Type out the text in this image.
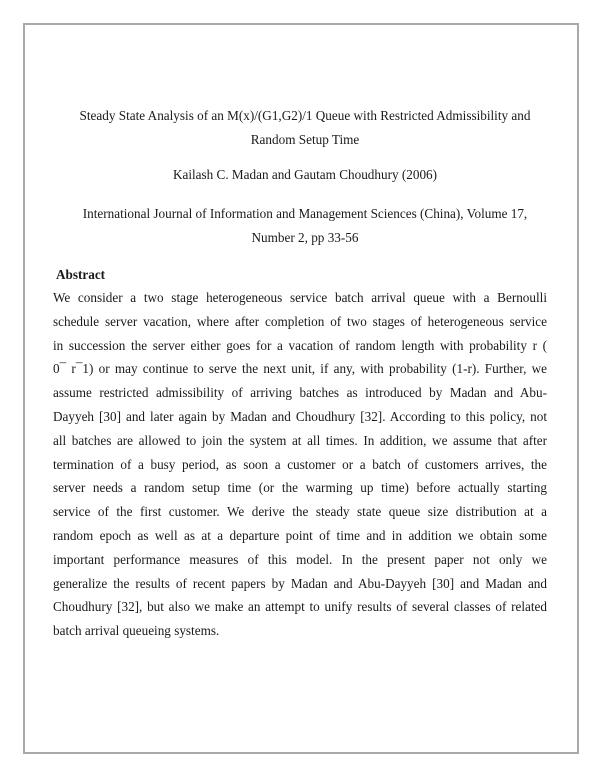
Steady State Analysis of an M(x)/(G1,G2)/1 Queue with Restricted Admissibility and
Random Setup Time
Kailash C. Madan and Gautam Choudhury (2006)
International Journal of Information and Management Sciences (China), Volume 17,
Number 2, pp 33-56
Abstract
We consider a two stage heterogeneous service batch arrival queue with a Bernoulli
schedule server vacation, where after completion of two stages of heterogeneous service
in succession the server either goes for a vacation of random length with probability r (
0¯ r¯1) or may continue to serve the next unit, if any, with probability (1-r). Further, we
assume restricted admissibility of arriving batches as introduced by Madan and Abu-
Dayyeh [30] and later again by Madan and Choudhury [32]. According to this policy, not
all batches are allowed to join the system at all times. In addition, we assume that after
termination of a busy period, as soon a customer or a batch of customers arrives, the
server needs a random setup time (or the warming up time) before actually starting
service of the first customer. We derive the steady state queue size distribution at a
random epoch as well as at a departure point of time and in addition we obtain some
important performance measures of this model. In the present paper not only we
generalize the results of recent papers by Madan and Abu-Dayyeh [30] and Madan and
Choudhury [32], but also we make an attempt to unify results of several classes of related
batch arrival queueing systems.
